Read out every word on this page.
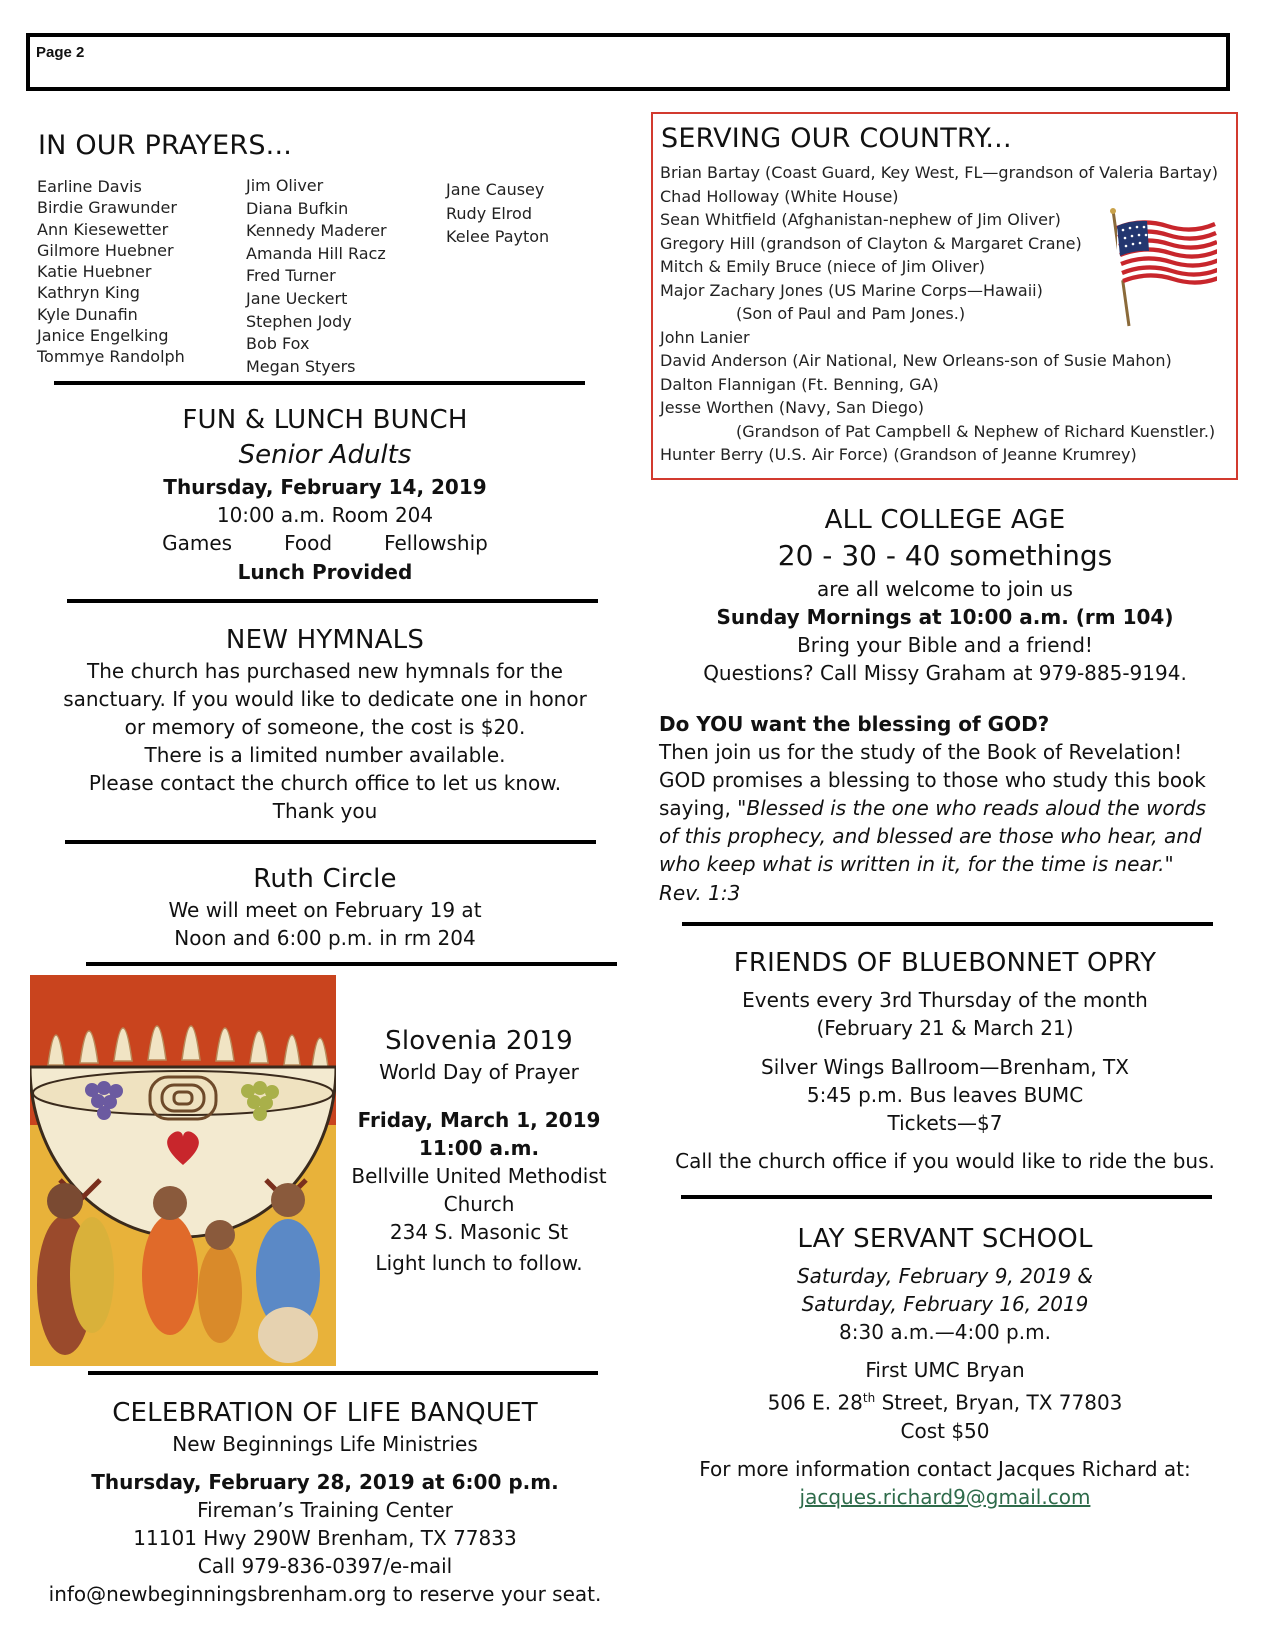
Page 2
IN OUR PRAYERS...
Earline Davis
Birdie Grawunder
Ann Kiesewetter
Gilmore Huebner
Katie Huebner
Kathryn King
Kyle Dunafin
Janice Engelking
Tommye Randolph
Jim Oliver
Diana Bufkin
Kennedy Maderer
Amanda Hill Racz
Fred Turner
Jane Ueckert
Stephen Jody
Bob Fox
Megan Styers
Jane Causey
Rudy Elrod
Kelee Payton
FUN & LUNCH BUNCH
Senior Adults
Thursday, February 14, 2019
10:00 a.m. Room 204
Games	Food	Fellowship
Lunch Provided
NEW HYMNALS
The church has purchased new hymnals for the
sanctuary. If you would like to dedicate one in honor
or memory of someone, the cost is $20.
There is a limited number available.
Please contact the church office to let us know.
Thank you
Ruth Circle
We will meet on February 19 at
Noon and 6:00 p.m. in rm 204
Slovenia 2019
World Day of Prayer
Friday, March 1, 2019
11:00 a.m.
Bellville United Methodist
Church
234 S. Masonic St
Light lunch to follow.
CELEBRATION OF LIFE BANQUET
New Beginnings Life Ministries
Thursday, February 28, 2019 at 6:00 p.m.
Fireman’s Training Center
11101 Hwy 290W Brenham, TX 77833
Call 979-836-0397/e-mail
info@newbeginningsbrenham.org to reserve your seat.
SERVING OUR COUNTRY...
Brian Bartay (Coast Guard, Key West, FL—grandson of Valeria Bartay)
Chad Holloway (White House)
Sean Whitfield (Afghanistan-nephew of Jim Oliver)
Gregory Hill (grandson of Clayton & Margaret Crane)
Mitch & Emily Bruce (niece of Jim Oliver)
Major Zachary Jones (US Marine Corps—Hawaii)
(Son of Paul and Pam Jones.)
John Lanier
David Anderson (Air National, New Orleans-son of Susie Mahon)
Dalton Flannigan (Ft. Benning, GA)
Jesse Worthen (Navy, San Diego)
(Grandson of Pat Campbell & Nephew of Richard Kuenstler.)
Hunter Berry (U.S. Air Force) (Grandson of Jeanne Krumrey)
ALL COLLEGE AGE
20 - 30 - 40 somethings
are all welcome to join us
Sunday Mornings at 10:00 a.m. (rm 104)
Bring your Bible and a friend!
Questions? Call Missy Graham at 979-885-9194.
Do YOU want the blessing of GOD?
Then join us for the study of the Book of Revelation!
GOD promises a blessing to those who study this book
saying, "Blessed is the one who reads aloud the words
of this prophecy, and blessed are those who hear, and
who keep what is written in it, for the time is near."
Rev. 1:3
FRIENDS OF BLUEBONNET OPRY
Events every 3rd Thursday of the month
(February 21 & March 21)
Silver Wings Ballroom—Brenham, TX
5:45 p.m. Bus leaves BUMC
Tickets—$7
Call the church office if you would like to ride the bus.
LAY SERVANT SCHOOL
Saturday, February 9, 2019 &
Saturday, February 16, 2019
8:30 a.m.—4:00 p.m.
First UMC Bryan
506 E. 28th Street, Bryan, TX 77803
Cost $50
For more information contact Jacques Richard at:
jacques.richard9@gmail.com
